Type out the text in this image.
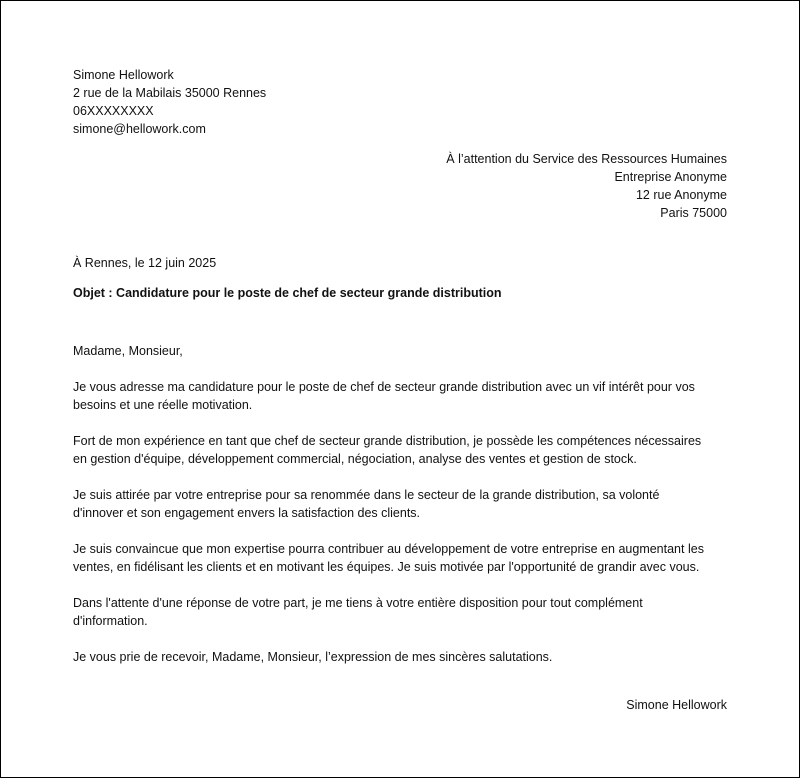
Simone Hellowork
2 rue de la Mabilais 35000 Rennes
06XXXXXXXX
simone@hellowork.com
À l’attention du Service des Ressources Humaines
Entreprise Anonyme
12 rue Anonyme
Paris 75000
À Rennes, le 12 juin 2025
Objet : Candidature pour le poste de chef de secteur grande distribution

Madame, Monsieur,

Je vous adresse ma candidature pour le poste de chef de secteur grande distribution avec un vif intérêt pour vos
besoins et une réelle motivation.

Fort de mon expérience en tant que chef de secteur grande distribution, je possède les compétences nécessaires
en gestion d'équipe, développement commercial, négociation, analyse des ventes et gestion de stock.

Je suis attirée par votre entreprise pour sa renommée dans le secteur de la grande distribution, sa volonté
d'innover et son engagement envers la satisfaction des clients.

Je suis convaincue que mon expertise pourra contribuer au développement de votre entreprise en augmentant les
ventes, en fidélisant les clients et en motivant les équipes. Je suis motivée par l'opportunité de grandir avec vous.

Dans l'attente d'une réponse de votre part, je me tiens à votre entière disposition pour tout complément
d'information.

Je vous prie de recevoir, Madame, Monsieur, l’expression de mes sincères salutations.

Simone Hellowork
